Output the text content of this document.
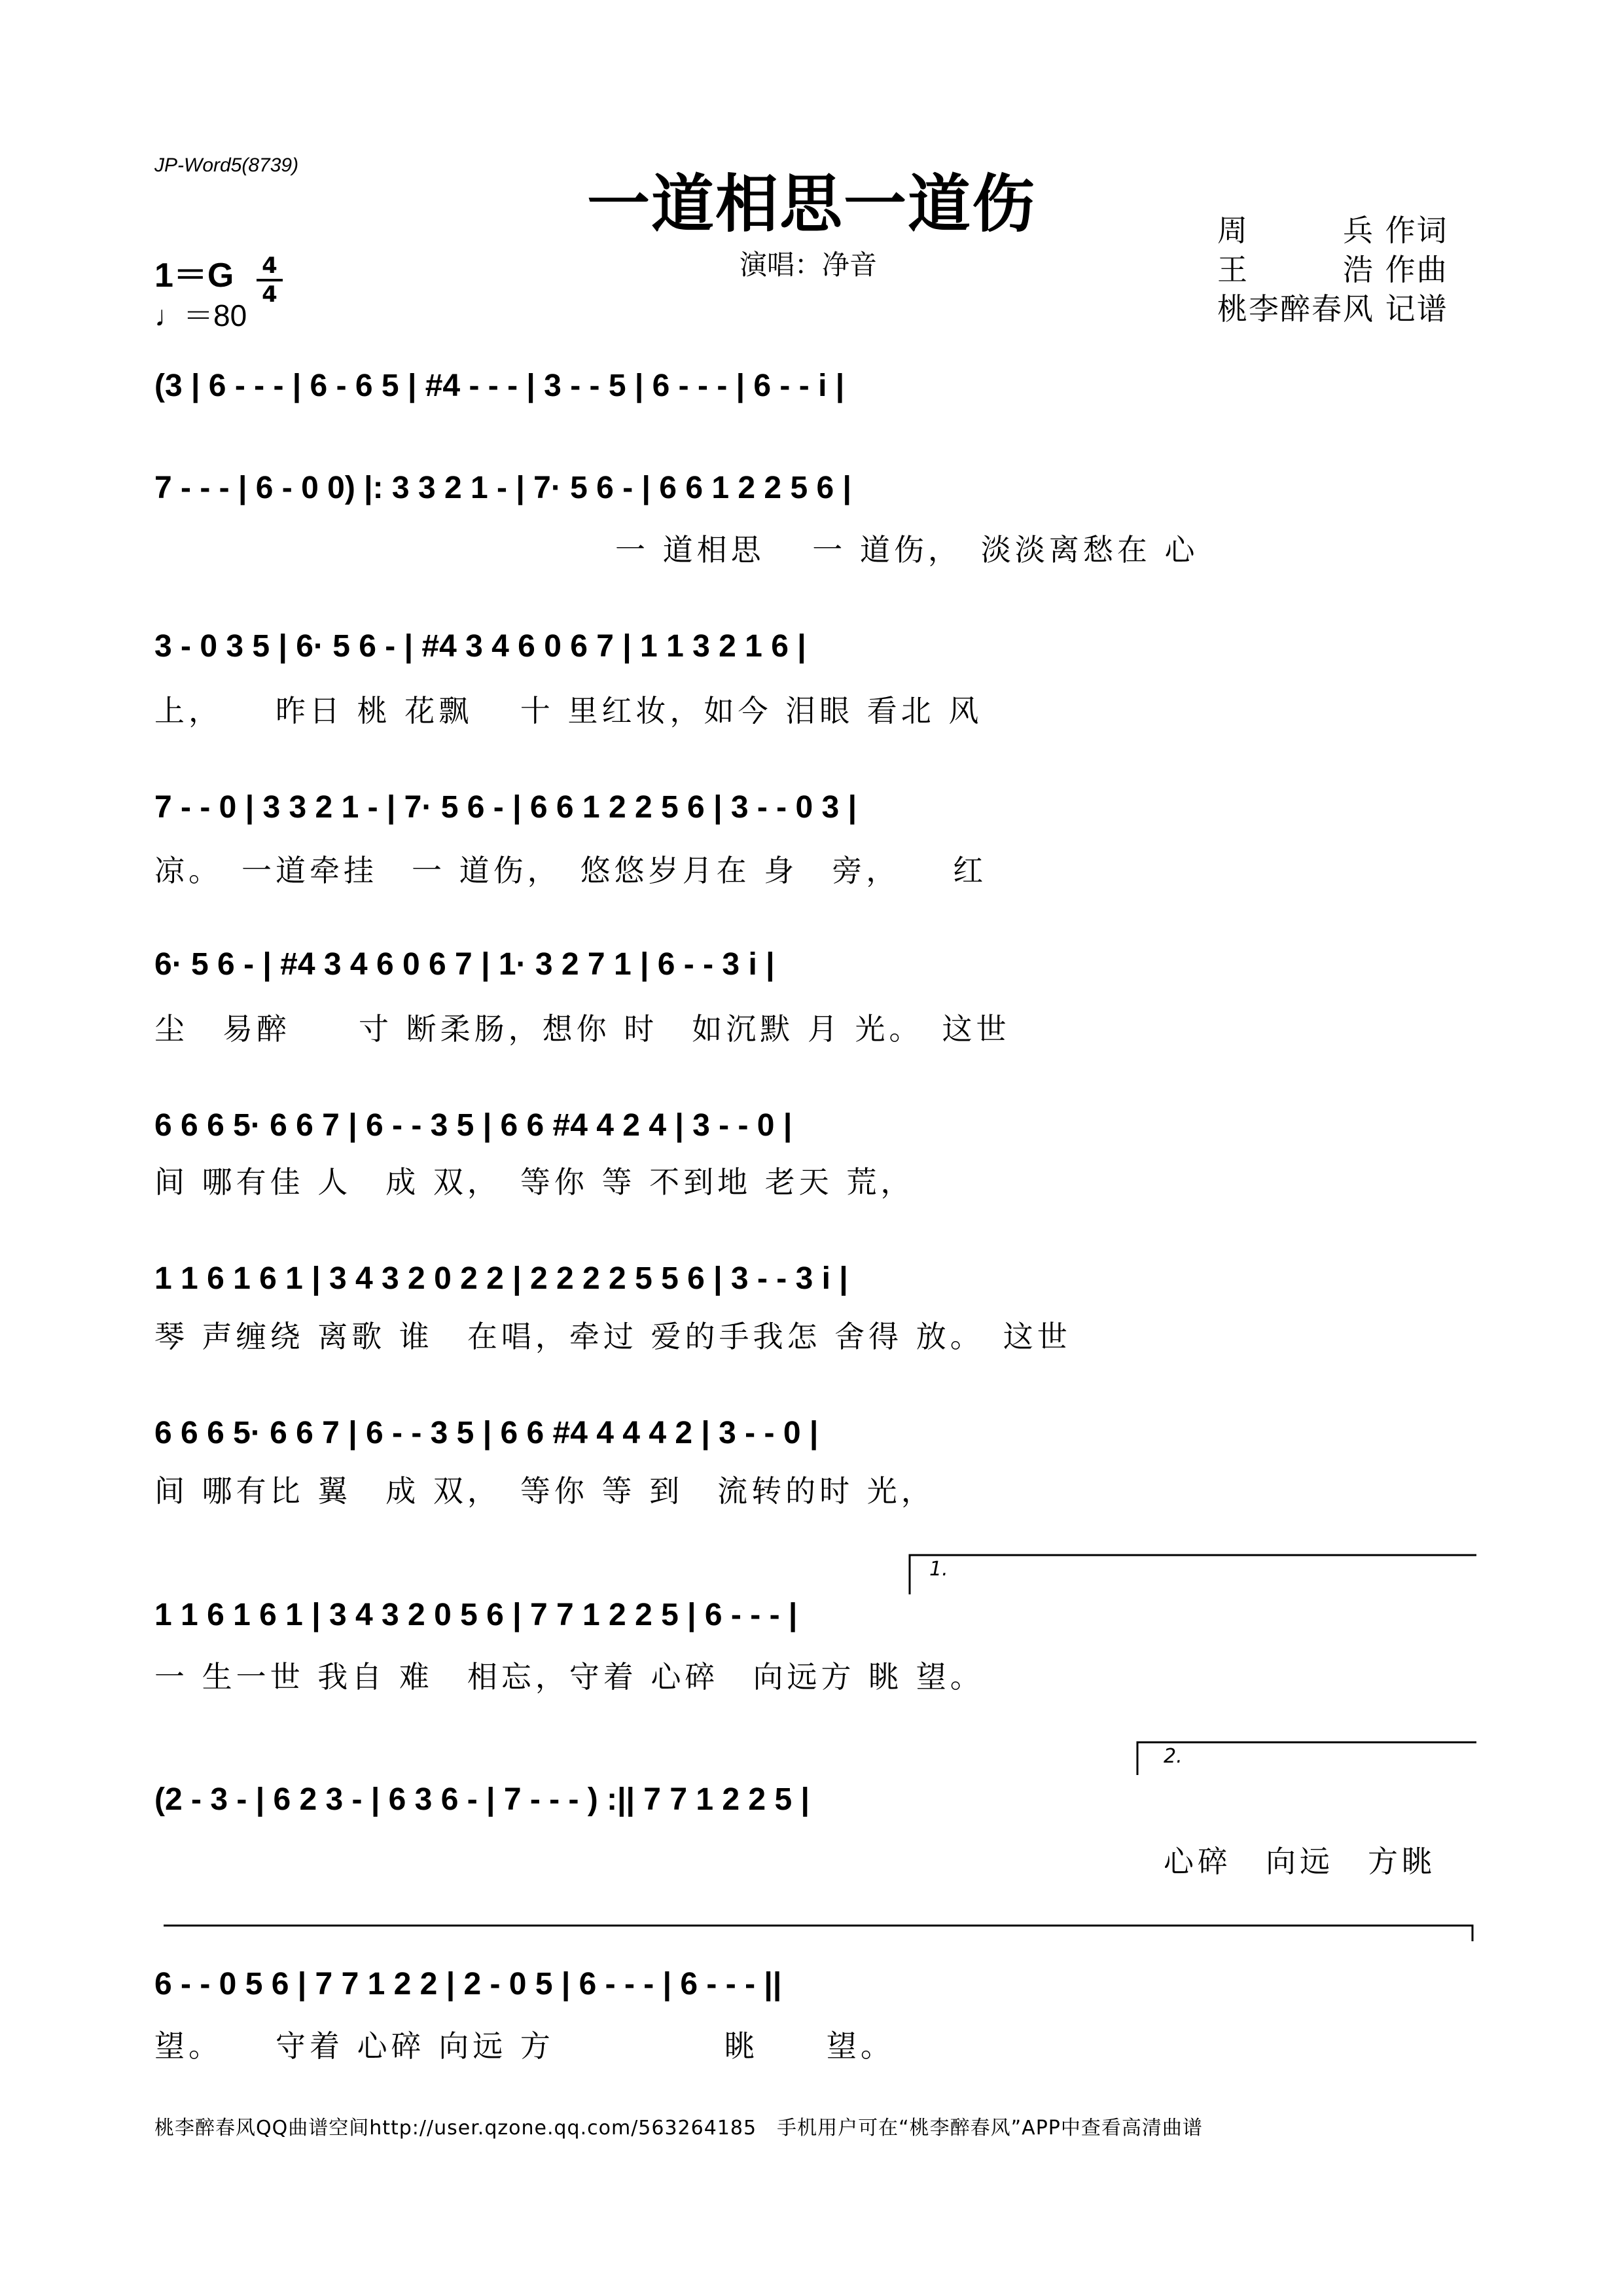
JP-Word5(8739)
一道相思一道伤
演唱：净音
1＝G 4
4
♩＝80
周　　　兵 作词
王　　　浩 作曲
桃李醉春风 记谱
(3 | 6 - - - | 6 - 6 5 | #4 - - - | 3 - - 5 | 6 - - - | 6 - - i |
7 - - - | 6 - 0 0) |: 3 3 2 1 - | 7· 5 6 - | 6 6 1 2 2 5 6 |
一 道相思　 一 道伤，　淡淡离愁在 心
3 - 0 3 5 | 6· 5 6 - | #4 3 4 6 0 6 7 | 1 1 3 2 1 6 |
上，　　昨日 桃 花飘　 十 里红妆，如今 泪眼 看北 风
7 - - 0 | 3 3 2 1 - | 7· 5 6 - | 6 6 1 2 2 5 6 | 3 - - 0 3 |
凉。　一道牵挂　一 道伤，　悠悠岁月在 身　旁，　　红
6· 5 6 - | #4 3 4 6 0 6 7 | 1· 3 2 7 1 | 6 - - 3 i |
尘　易醉　　寸 断柔肠，想你 时　如沉默 月 光。　这世
6 6 6 5· 6 6 7 | 6 - - 3 5 | 6 6 #4 4 2 4 | 3 - - 0 |
间 哪有佳 人　成 双，　等你 等 不到地 老天 荒，
1 1 6 1 6 1 | 3 4 3 2 0 2 2 | 2 2 2 2 5 5 6 | 3 - - 3 i |
琴 声缠绕 离歌 谁　在唱，牵过 爱的手我怎 舍得 放。　这世
6 6 6 5· 6 6 7 | 6 - - 3 5 | 6 6 #4 4 4 4 2 | 3 - - 0 |
间 哪有比 翼　成 双，　等你 等 到　流转的时 光，
1.
1 1 6 1 6 1 | 3 4 3 2 0 5 6 | 7 7 1 2 2 5 | 6 - - - |
一 生一世 我自 难　相忘，守着 心碎　向远方 眺 望。
2.
(2 - 3 - | 6 2 3 - | 6 3 6 - | 7 - - - ) :|| 7 7 1 2 2 5 |
心碎　向远　方眺
6 - - 0 5 6 | 7 7 1 2 2 | 2 - 0 5 | 6 - - - | 6 - - - ||
望。　　守着 心碎 向远 方　　　　　眺　　望。
桃李醉春风QQ曲谱空间http://user.qzone.qq.com/563264185　手机用户可在“桃李醉春风”APP中查看高清曲谱
